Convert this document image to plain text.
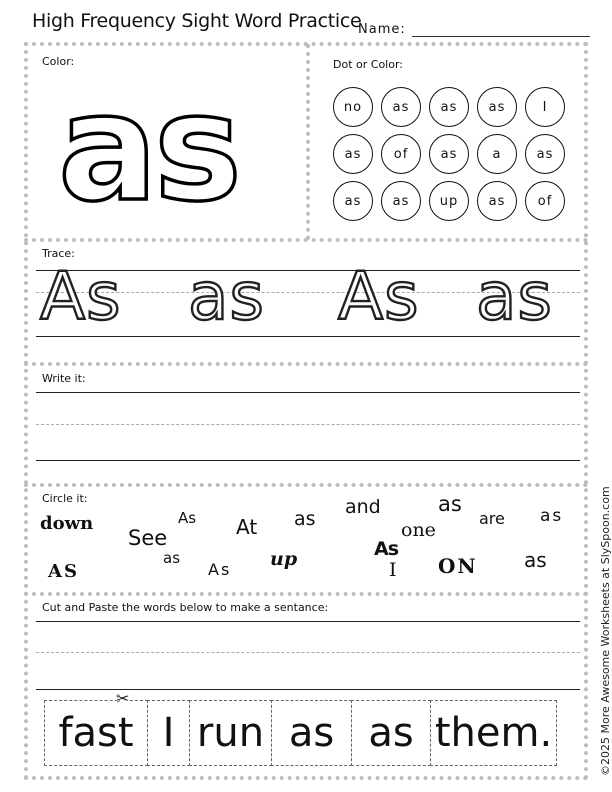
High Frequency Sight Word Practice
Name:
Color:
as	Dot or Color:
no	as	as	as	I
as	of	as	a	as
as	as	up	as	of
Trace:
As as As as
Write it:
Circle it:
down
See
As At as
and	as
one
are as
AS
as
As up	As
I ON as
Cut and Paste the words below to make a sentance:
fast I run as as them.
✂	©2025 More Awesome Worksheets at SlySpoon.com
